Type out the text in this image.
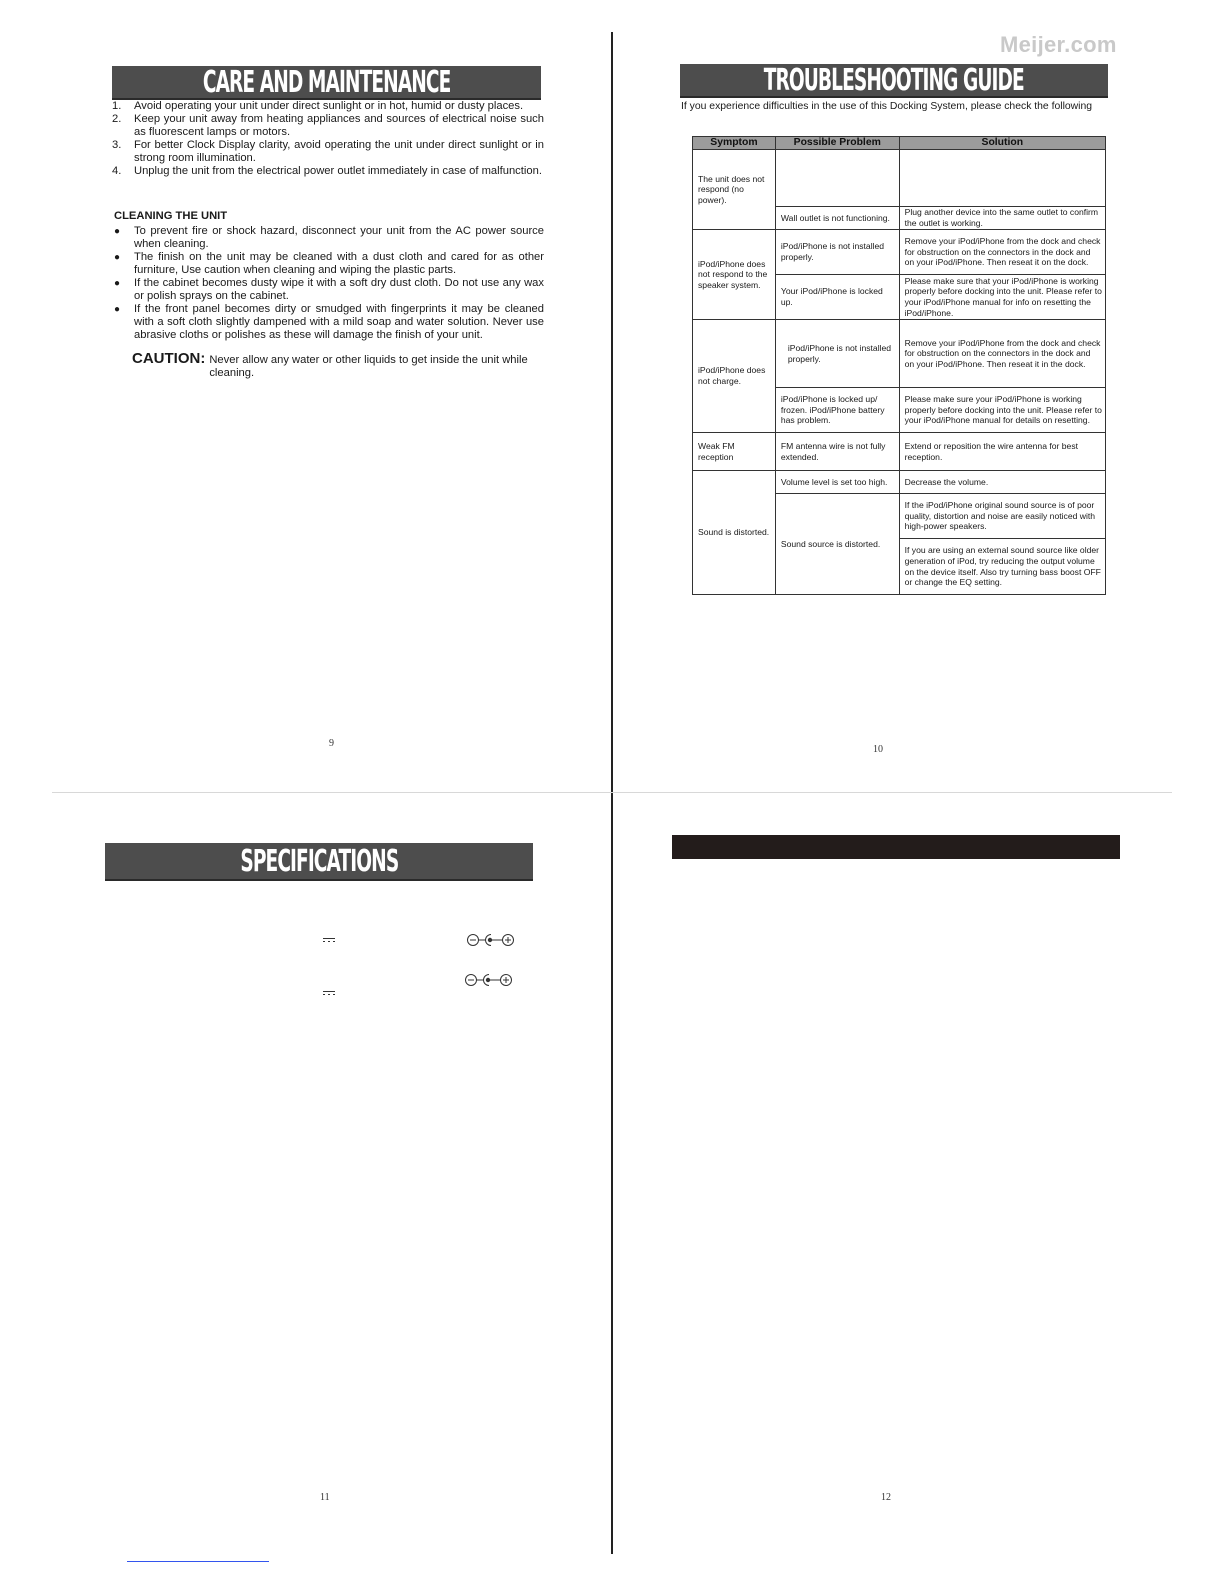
Meijer.com
CARE AND MAINTENANCE
1.	Avoid operating your unit under direct sunlight or in hot, humid or dusty places.
2.	Keep your unit away from heating appliances and sources of electrical noise such as fluorescent lamps or motors.
3.	For better Clock Display clarity, avoid operating the unit under direct sunlight or in strong room illumination.
4.	Unplug the unit from the electrical power outlet immediately in case of malfunction.
CLEANING THE UNIT
●	To prevent fire or shock hazard, disconnect your unit from the AC power source when cleaning.
●	The finish on the unit may be cleaned with a dust cloth and cared for as other furniture, Use caution when cleaning and wiping the plastic parts.
●	If the cabinet becomes dusty wipe it with a soft dry dust cloth. Do not use any wax or polish sprays on the cabinet.
●	If the front panel becomes dirty or smudged with fingerprints it may be cleaned with a soft cloth slightly dampened with a mild soap and water solution. Never use abrasive cloths or polishes as these will damage the finish of your unit.
CAUTION: Never allow any water or other liquids to get inside the unit while cleaning.
9
TROUBLESHOOTING GUIDE
If you experience difficulties in the use of this Docking System, please check the following
Symptom	Possible Problem	Solution
The unit does not respond (no power).		
	Wall outlet is not functioning.	Plug another device into the same outlet to confirm the outlet is working.
iPod/iPhone does not respond to the speaker system.	iPod/iPhone is not installed properly.	Remove your iPod/iPhone from the dock and check for obstruction on the connectors in the dock and on your iPod/iPhone. Then reseat it on the dock.
	Your iPod/iPhone is locked up.	Please make sure that your iPod/iPhone is working properly before docking into the unit. Please refer to your iPod/iPhone manual for info on resetting the iPod/iPhone.
iPod/iPhone does not charge.	iPod/iPhone is not installed properly.	Remove your iPod/iPhone from the dock and check for obstruction on the connectors in the dock and on your iPod/iPhone. Then reseat it in the dock.
	iPod/iPhone is locked up/ frozen. iPod/iPhone battery has problem.	Please make sure your iPod/iPhone is working properly before docking into the unit. Please refer to your iPod/iPhone manual for details on resetting.
Weak FM reception	FM antenna wire is not fully extended.	Extend or reposition the wire antenna for best reception.
Sound is distorted.	Volume level is set too high.	Decrease the volume.
	Sound source is distorted.	If the iPod/iPhone original sound source is of poor quality, distortion and noise are easily noticed with high-power speakers.
		If you are using an external sound source like older generation of iPod, try reducing the output volume on the device itself. Also try turning bass boost OFF or change the EQ setting.
10
SPECIFICATIONS
11	12
